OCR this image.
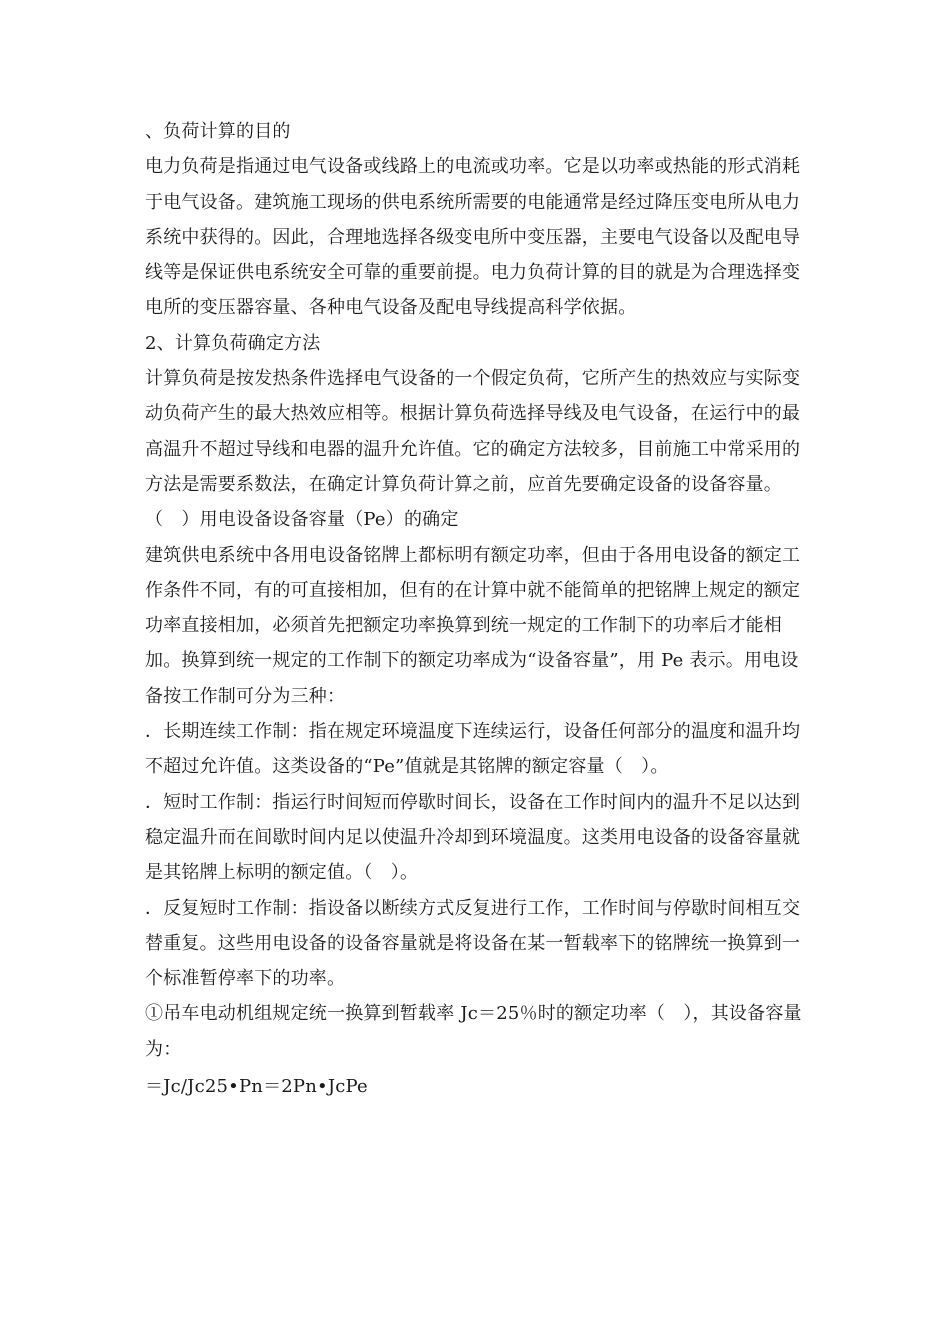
、负荷计算的目的

电力负荷是指通过电气设备或线路上的电流或功率。它是以功率或热能的形式消耗于电气设备。建筑施工现场的供电系统所需要的电能通常是经过降压变电所从电力系统中获得的。因此，合理地选择各级变电所中变压器，主要电气设备以及配电导线等是保证供电系统安全可靠的重要前提。电力负荷计算的目的就是为合理选择变电所的变压器容量、各种电气设备及配电导线提高科学依据。

2、计算负荷确定方法

计算负荷是按发热条件选择电气设备的一个假定负荷，它所产生的热效应与实际变动负荷产生的最大热效应相等。根据计算负荷选择导线及电气设备，在运行中的最高温升不超过导线和电器的温升允许值。它的确定方法较多，目前施工中常采用的方法是需要系数法，在确定计算负荷计算之前，应首先要确定设备的设备容量。

（　）用电设备设备容量（Pe）的确定

建筑供电系统中各用电设备铭牌上都标明有额定功率，但由于各用电设备的额定工作条件不同，有的可直接相加，但有的在计算中就不能简单的把铭牌上规定的额定功率直接相加，必须首先把额定功率换算到统一规定的工作制下的功率后才能相加。换算到统一规定的工作制下的额定功率成为“设备容量”，用 Pe 表示。用电设备按工作制可分为三种：

．长期连续工作制：指在规定环境温度下连续运行，设备任何部分的温度和温升均不超过允许值。这类设备的“Pe”值就是其铭牌的额定容量（　）。

．短时工作制：指运行时间短而停歇时间长，设备在工作时间内的温升不足以达到稳定温升而在间歇时间内足以使温升冷却到环境温度。这类用电设备的设备容量就是其铭牌上标明的额定值。（　）。

．反复短时工作制：指设备以断续方式反复进行工作，工作时间与停歇时间相互交替重复。这些用电设备的设备容量就是将设备在某一暂载率下的铭牌统一换算到一个标准暂停率下的功率。

①吊车电动机组规定统一换算到暂载率 Jc＝25％时的额定功率（　），其设备容量为：

＝Jc/Jc25•Pn＝2Pn•JcPe
